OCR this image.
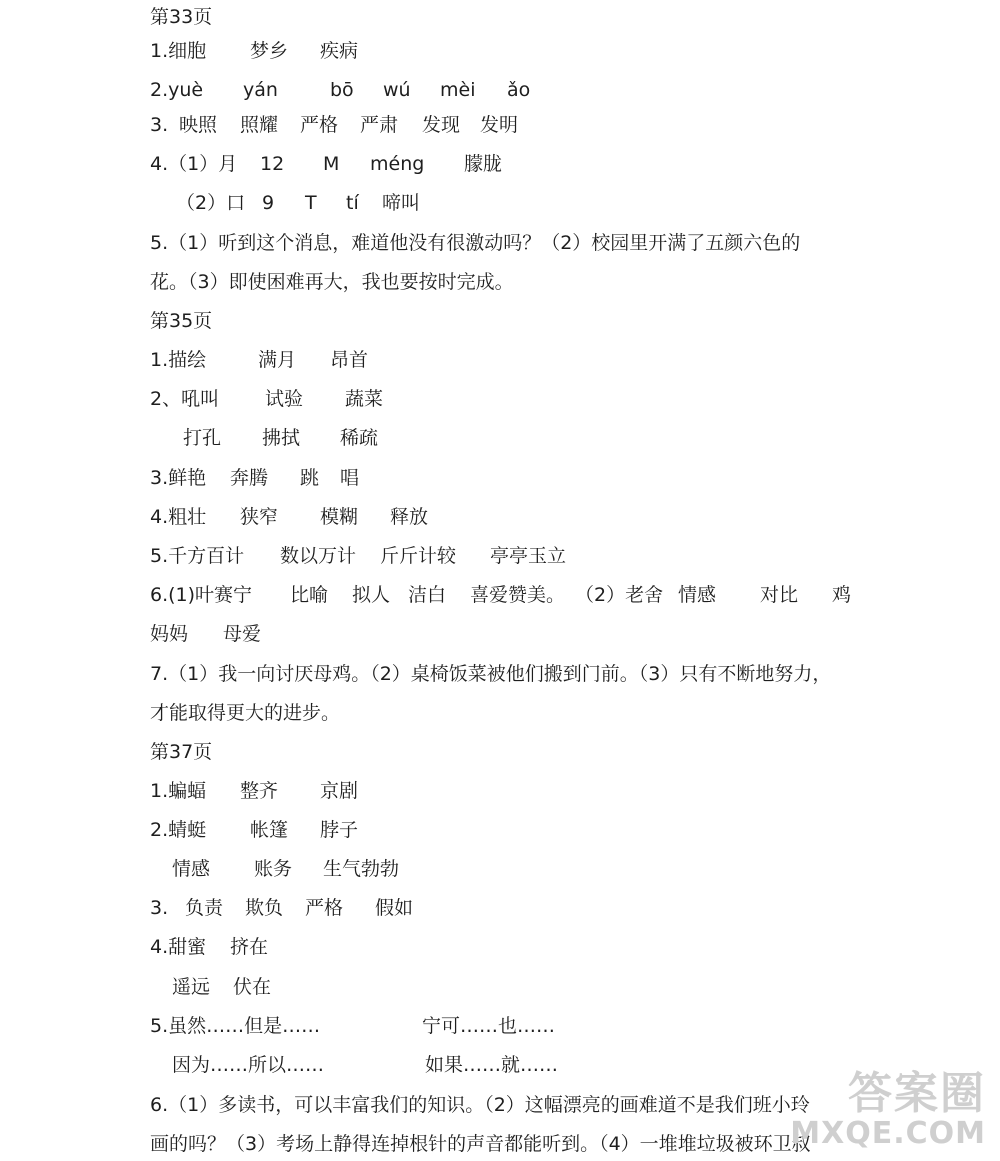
第33页
1.细胞 梦乡 疾病
2.yuè yán	bō wú mèi ǎo
3. 映照 照耀 严格 严肃 发现 发明
4.（1）月 12 M méng 朦胧
（2）口 9 T tí 啼叫
5.（1）听到这个消息，难道他没有很激动吗？（2）校园里开满了五颜六色的
花。（3）即使困难再大，我也要按时完成。
第35页
1.描绘	满月 昂首
2、吼叫 试验 蔬菜
打孔 拂拭 稀疏
3.鲜艳 奔腾 跳 唱
4.粗壮 狭窄 模糊 释放
5.千方百计 数以万计 斤斤计较 亭亭玉立
6.(1)叶赛宁 比喻 拟人 洁白 喜爱赞美。 （2）老舍 情感 对比 鸡
妈妈 母爱
7.（1）我一向讨厌母鸡。（2）桌椅饭菜被他们搬到门前。（3）只有不断地努力，
才能取得更大的进步。
第37页
1.蝙蝠 整齐 京剧
2.蜻蜓 帐篷 脖子
情感 账务 生气勃勃
3. 负责 欺负 严格 假如
4.甜蜜 挤在
遥远 伏在
5.虽然……但是……	宁可……也……
因为……所以……	如果……就……
6.（1）多读书，可以丰富我们的知识。（2）这幅漂亮的画难道不是我们班小玲
画的吗？（3）考场上静得连掉根针的声音都能听到。（4）一堆堆垃圾被环卫叔
答案圈
MXQE.COM
